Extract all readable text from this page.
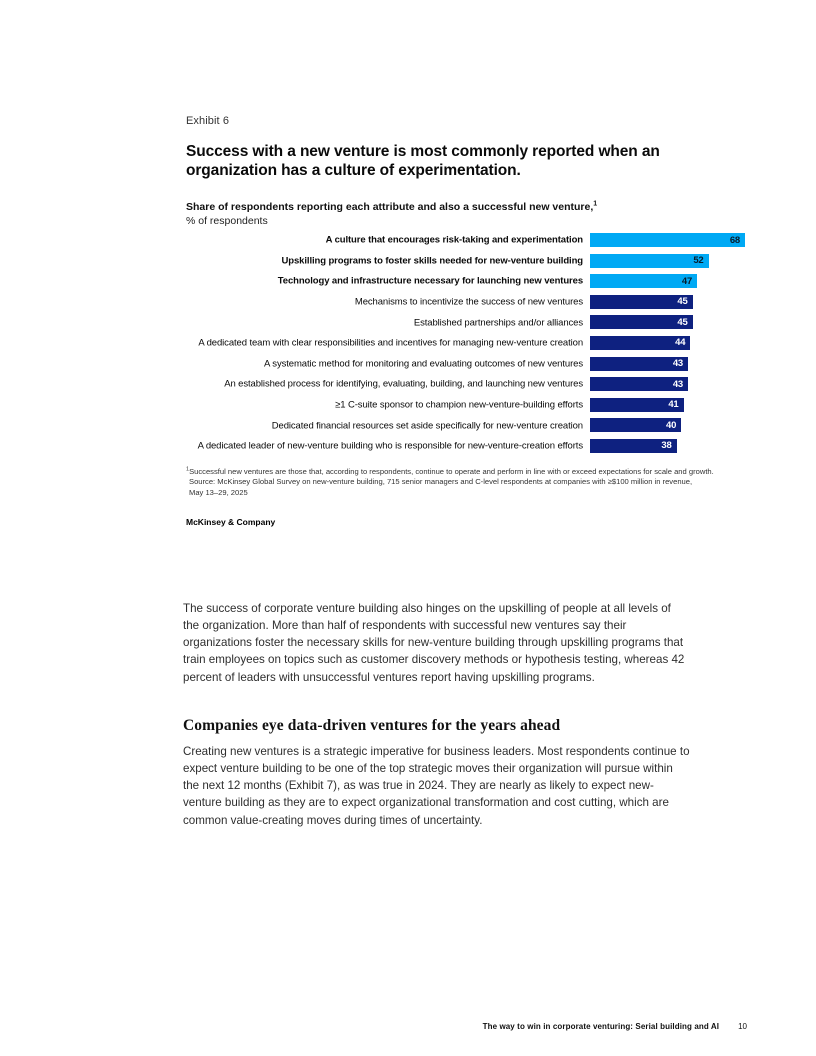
Exhibit 6
Success with a new venture is most commonly reported when an organization has a culture of experimentation.
Share of respondents reporting each attribute and also a successful new venture,$^1$
% of respondents
A culture that encourages risk-taking and experimentation	68
Upskilling programs to foster skills needed for new-venture building	52
Technology and infrastructure necessary for launching new ventures	47
Mechanisms to incentivize the success of new ventures	45
Established partnerships and/or alliances	45
A dedicated team with clear responsibilities and incentives for managing new-venture creation	44
A systematic method for monitoring and evaluating outcomes of new ventures	43
An established process for identifying, evaluating, building, and launching new ventures	43
≥1 C-suite sponsor to champion new-venture-building efforts	41
Dedicated financial resources set aside specifically for new-venture creation	40
A dedicated leader of new-venture building who is responsible for new-venture-creation efforts	38
$^1$Successful new ventures are those that, according to respondents, continue to operate and perform in line with or exceed expectations for scale and growth.
Source: McKinsey Global Survey on new-venture building, 715 senior managers and C-level respondents at companies with ≥$100 million in revenue,
May 13–29, 2025
McKinsey & Company

The success of corporate venture building also hinges on the upskilling of people at all levels of the organization. More than half of respondents with successful new ventures say their organizations foster the necessary skills for new-venture building through upskilling programs that train employees on topics such as customer discovery methods or hypothesis testing, whereas 42 percent of leaders with unsuccessful ventures report having upskilling programs.

Companies eye data-driven ventures for the years ahead

Creating new ventures is a strategic imperative for business leaders. Most respondents continue to expect venture building to be one of the top strategic moves their organization will pursue within the next 12 months (Exhibit 7), as was true in 2024. They are nearly as likely to expect new-venture building as they are to expect organizational transformation and cost cutting, which are common value-creating moves during times of uncertainty.

The way to win in corporate venturing: Serial building and AI 10
